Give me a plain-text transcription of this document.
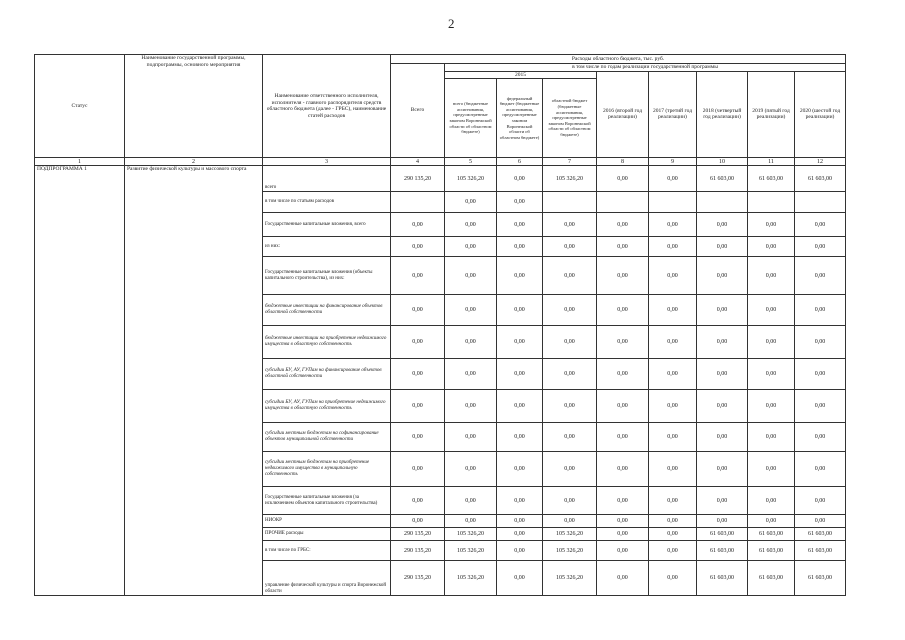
2
Статус	Наименование государственной программы, подпрограммы, основного мероприятия	Наименование ответственного исполнителя, исполнителя - главного распорядителя средств областного бюджета (далее - ГРБС), наименование статей расходов	Расходы областного бюджета, тыс. руб.								
			Всего	в том числе по годам реализации государственной программы							
				2015			2016 (второй год реализации)	2017 (третий год реализации)	2018 (четвертый год реализации)	2019 (пятый год реализации)	2020 (шестой год реализации)
				всего (бюджетные ассигнования, предусмотренные законом Воронежской области об областном бюджете)	федеральный бюджет (бюджетные ассигнования, предусмотренные законом Воронежской области об областном бюджете)	областной бюджет (бюджетные ассигнования, предусмотренные законом Воронежской области об областном бюджете)					
1	2	3	4	5	6	7	8	9	10	11	12
ПОДПРОГРАММА 1	Развитие физической культуры и массового спорта	всего	290 135,20	105 326,20	0,00	105 326,20	0,00	0,00	61 603,00	61 603,00	61 603,00
		в том числе по статьям расходов		0,00	0,00						
		Государственные капитальные вложения, всего	0,00	0,00	0,00	0,00	0,00	0,00	0,00	0,00	0,00
		из них:	0,00	0,00	0,00	0,00	0,00	0,00	0,00	0,00	0,00
		Государственные капитальные вложения (объекты капитального строительства), из них:	0,00	0,00	0,00	0,00	0,00	0,00	0,00	0,00	0,00
		бюджетные инвестиции на финансирование объектов областной собственности	0,00	0,00	0,00	0,00	0,00	0,00	0,00	0,00	0,00
		бюджетные инвестиции на приобретение недвижимого имущества в областную собственность	0,00	0,00	0,00	0,00	0,00	0,00	0,00	0,00	0,00
		субсидии БУ, АУ, ГУПам на финансирование объектов областной собственности	0,00	0,00	0,00	0,00	0,00	0,00	0,00	0,00	0,00
		субсидии БУ, АУ, ГУПам на приобретение недвижимого имущества в областную собственность	0,00	0,00	0,00	0,00	0,00	0,00	0,00	0,00	0,00
		субсидии местным бюджетам на софинансирование объектов муниципальной собственности	0,00	0,00	0,00	0,00	0,00	0,00	0,00	0,00	0,00
		субсидии местным бюджетам на приобретение недвижимого имущества в муниципальную собственность	0,00	0,00	0,00	0,00	0,00	0,00	0,00	0,00	0,00
		Государственные капитальные вложения (за исключением объектов капитального строительства)	0,00	0,00	0,00	0,00	0,00	0,00	0,00	0,00	0,00
		НИОКР	0,00	0,00	0,00	0,00	0,00	0,00	0,00	0,00	0,00
		ПРОЧИЕ расходы	290 135,20	105 326,20	0,00	105 326,20	0,00	0,00	61 603,00	61 603,00	61 603,00
		в том числе по ГРБС:	290 135,20	105 326,20	0,00	105 326,20	0,00	0,00	61 603,00	61 603,00	61 603,00
		управление физической культуры и спорта Воронежской области	290 135,20	105 326,20	0,00	105 326,20	0,00	0,00	61 603,00	61 603,00	61 603,00
